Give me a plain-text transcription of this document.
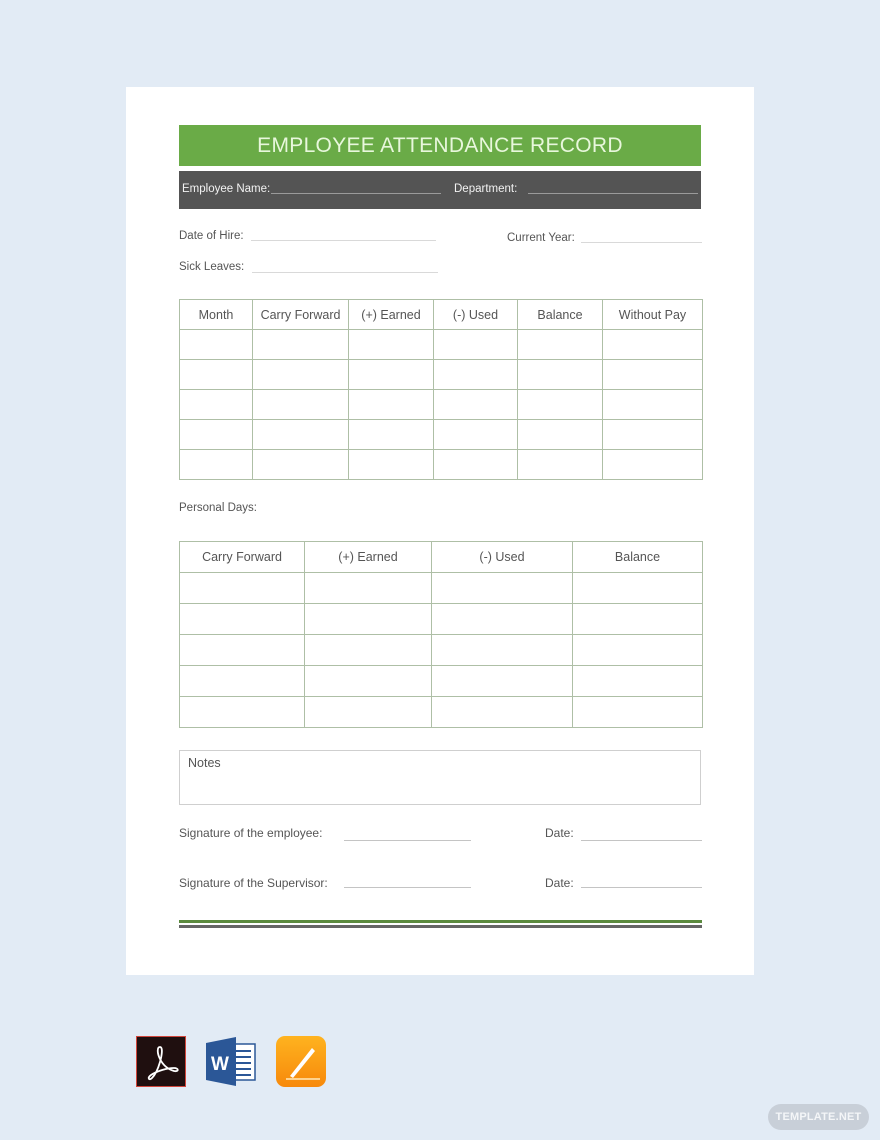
EMPLOYEE ATTENDANCE RECORD
Employee Name:	Department:
Date of Hire:	Current Year:
Sick Leaves:
Month	Carry Forward	(+) Earned	(-) Used	Balance	Without Pay

Personal Days:
Carry Forward	(+) Earned	(-) Used	Balance

Notes
Signature of the employee:	Date:
Signature of the Supervisor:	Date:
W
TEMPLATE.NET
